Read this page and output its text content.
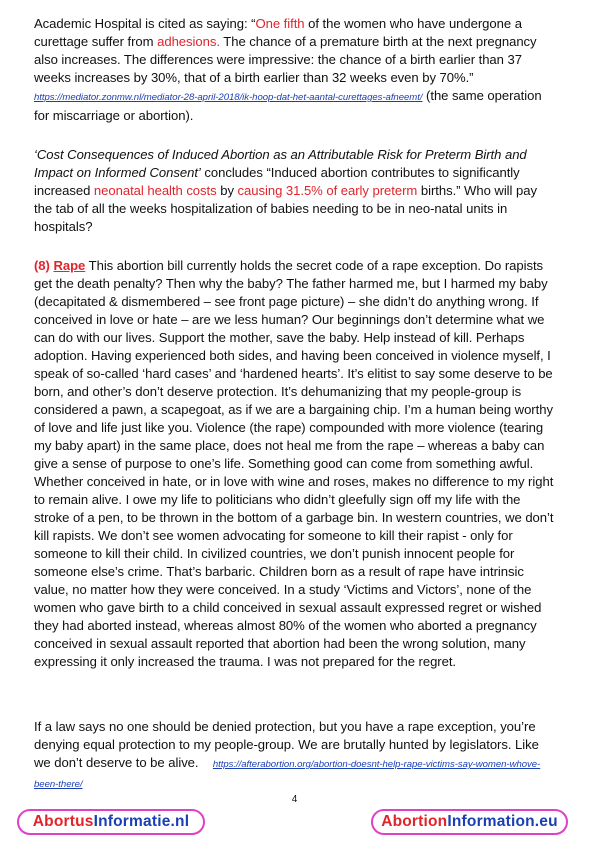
Academic Hospital is cited as saying: “One fifth of the women who have undergone a curettage suffer from adhesions. The chance of a premature birth at the next pregnancy also increases. The differences were impressive: the chance of a birth earlier than 37 weeks increases by 30%, that of a birth earlier than 32 weeks even by 70%.” https://mediator.zonmw.nl/mediator-28-april-2018/ik-hoop-dat-het-aantal-curettages-afneemt/ (the same operation for miscarriage or abortion).

‘Cost Consequences of Induced Abortion as an Attributable Risk for Preterm Birth and Impact on Informed Consent’ concludes “Induced abortion contributes to significantly increased neonatal health costs by causing 31.5% of early preterm births.” Who will pay the tab of all the weeks hospitalization of babies needing to be in neo-natal units in hospitals?

(8) Rape This abortion bill currently holds the secret code of a rape exception. Do rapists get the death penalty? Then why the baby? The father harmed me, but I harmed my baby (decapitated & dismembered – see front page picture) – she didn’t do anything wrong. If conceived in love or hate – are we less human? Our beginnings don’t determine what we can do with our lives. Support the mother, save the baby. Help instead of kill. Perhaps adoption. Having experienced both sides, and having been conceived in violence myself, I speak of so-called ‘hard cases’ and ‘hardened hearts’. It’s elitist to say some deserve to be born, and other’s don’t deserve protection. It’s dehumanizing that my people-group is considered a pawn, a scapegoat, as if we are a bargaining chip. I’m a human being worthy of love and life just like you. Violence (the rape) compounded with more violence (tearing my baby apart) in the same place, does not heal me from the rape – whereas a baby can give a sense of purpose to one’s life. Something good can come from something awful. Whether conceived in hate, or in love with wine and roses, makes no difference to my right to remain alive. I owe my life to politicians who didn’t gleefully sign off my life with the stroke of a pen, to be thrown in the bottom of a garbage bin. In western countries, we don’t kill rapists. We don’t see women advocating for someone to kill their rapist - only for someone to kill their child. In civilized countries, we don’t punish innocent people for someone else’s crime. That’s barbaric. Children born as a result of rape have intrinsic value, no matter how they were conceived. In a study ‘Victims and Victors’, none of the women who gave birth to a child conceived in sexual assault expressed regret or wished they had aborted instead, whereas almost 80% of the women who aborted a pregnancy conceived in sexual assault reported that abortion had been the wrong solution, many expressing it only increased the trauma. I was not prepared for the regret.

If a law says no one should be denied protection, but you have a rape exception, you’re denying equal protection to my people-group. We are brutally hunted by legislators. Like we don’t deserve to be alive. https://afterabortion.org/abortion-doesnt-help-rape-victims-say-women-whove-been-there/

4
AbortusInformatie.nl	AbortionInformation.eu
